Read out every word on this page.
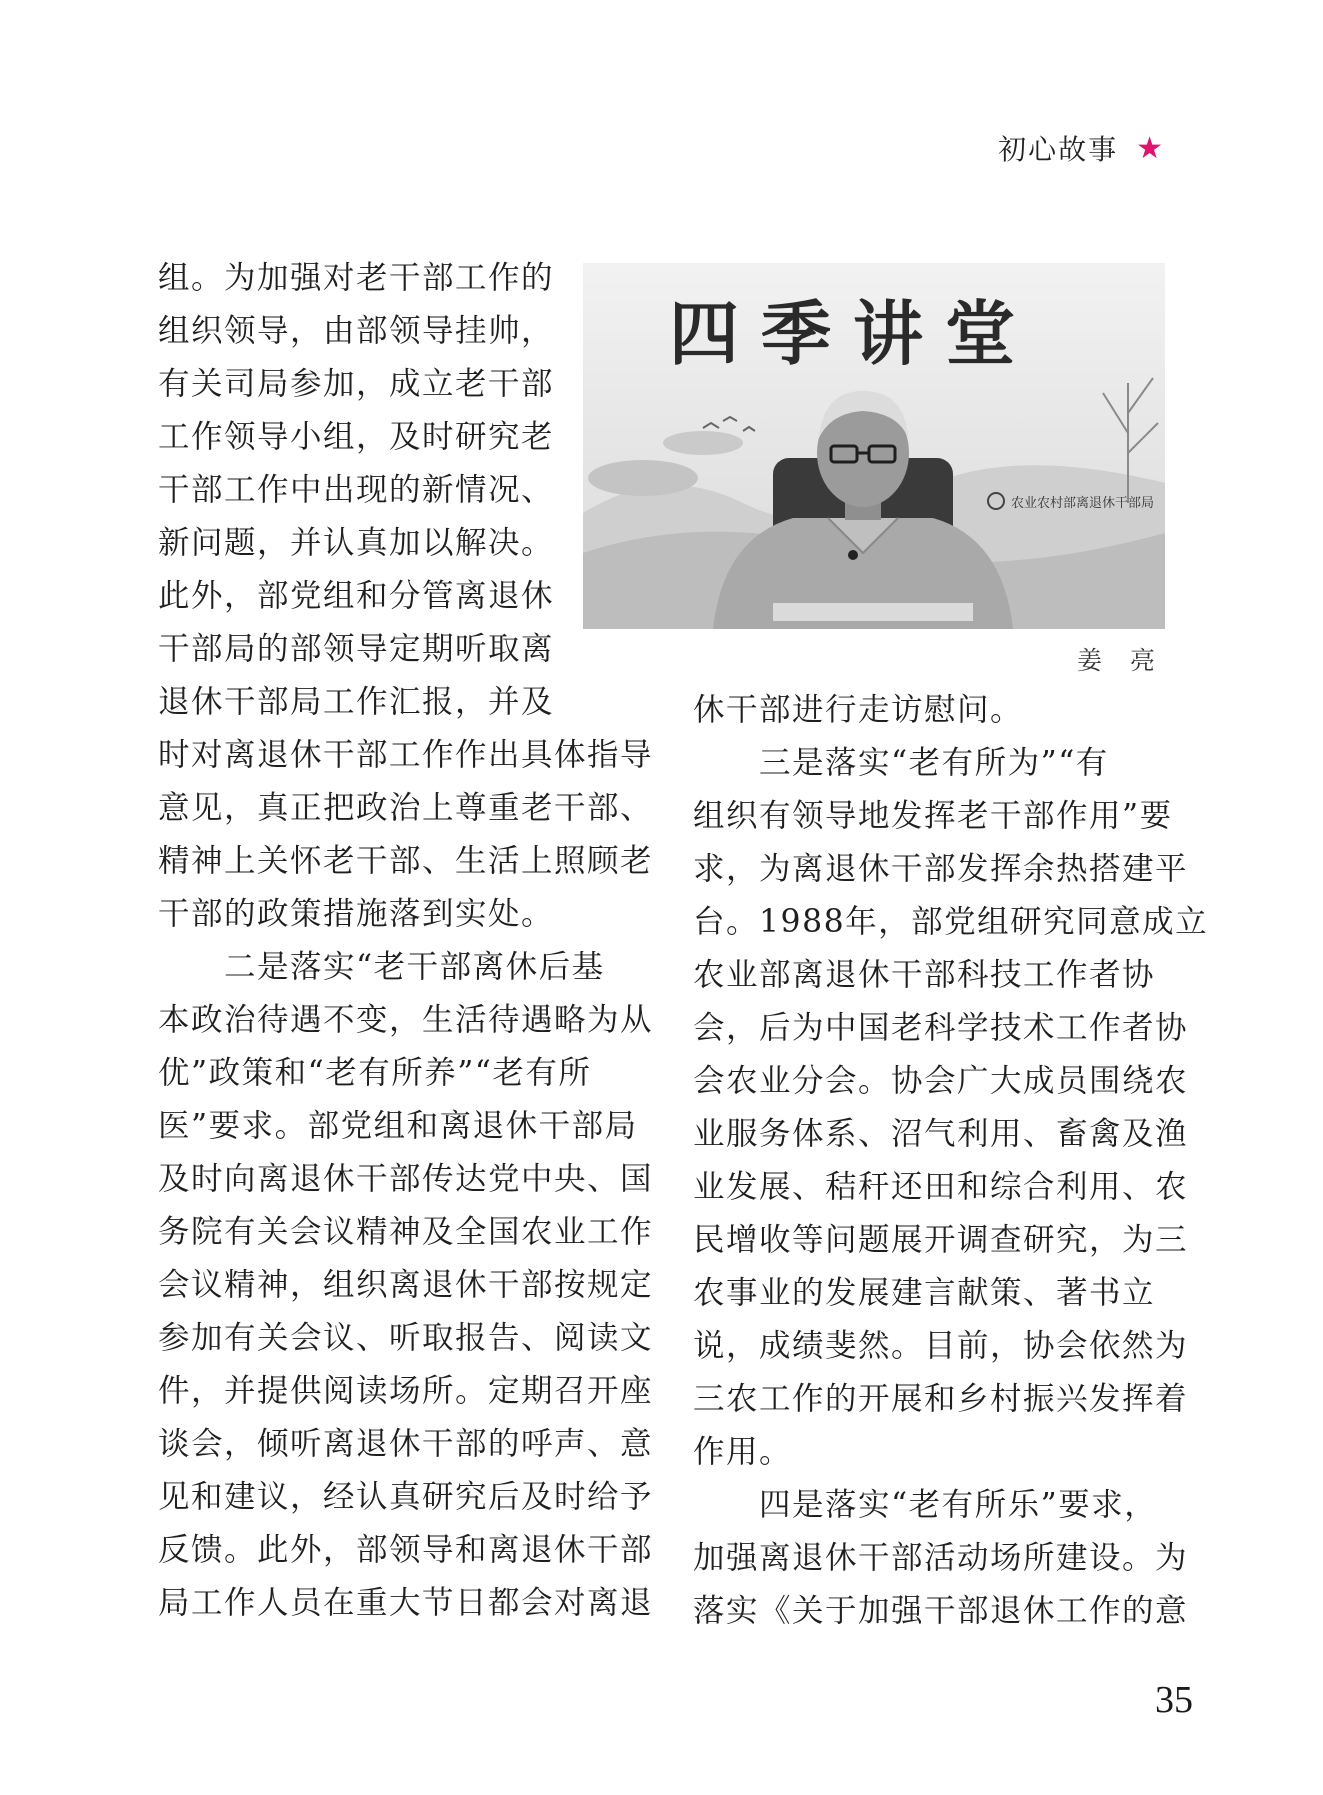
初心故事 ★
四季讲堂
农业农村部离退休干部局
姜 亮
组。为加强对老干部工作的
组织领导，由部领导挂帅，
有关司局参加，成立老干部
工作领导小组，及时研究老
干部工作中出现的新情况、
新问题，并认真加以解决。
此外，部党组和分管离退休
干部局的部领导定期听取离
退休干部局工作汇报，并及
时对离退休干部工作作出具体指导
意见，真正把政治上尊重老干部、
精神上关怀老干部、生活上照顾老
干部的政策措施落到实处。
　　二是落实“老干部离休后基
本政治待遇不变，生活待遇略为从
优”政策和“老有所养”“老有所
医”要求。部党组和离退休干部局
及时向离退休干部传达党中央、国
务院有关会议精神及全国农业工作
会议精神，组织离退休干部按规定
参加有关会议、听取报告、阅读文
件，并提供阅读场所。定期召开座
谈会，倾听离退休干部的呼声、意
见和建议，经认真研究后及时给予
反馈。此外，部领导和离退休干部
局工作人员在重大节日都会对离退
休干部进行走访慰问。
　　三是落实“老有所为”“有
组织有领导地发挥老干部作用”要
求，为离退休干部发挥余热搭建平
台。1988年，部党组研究同意成立
农业部离退休干部科技工作者协
会，后为中国老科学技术工作者协
会农业分会。协会广大成员围绕农
业服务体系、沼气利用、畜禽及渔
业发展、秸秆还田和综合利用、农
民增收等问题展开调查研究，为三
农事业的发展建言献策、著书立
说，成绩斐然。目前，协会依然为
三农工作的开展和乡村振兴发挥着
作用。
　　四是落实“老有所乐”要求，
加强离退休干部活动场所建设。为
落实《关于加强干部退休工作的意
35
